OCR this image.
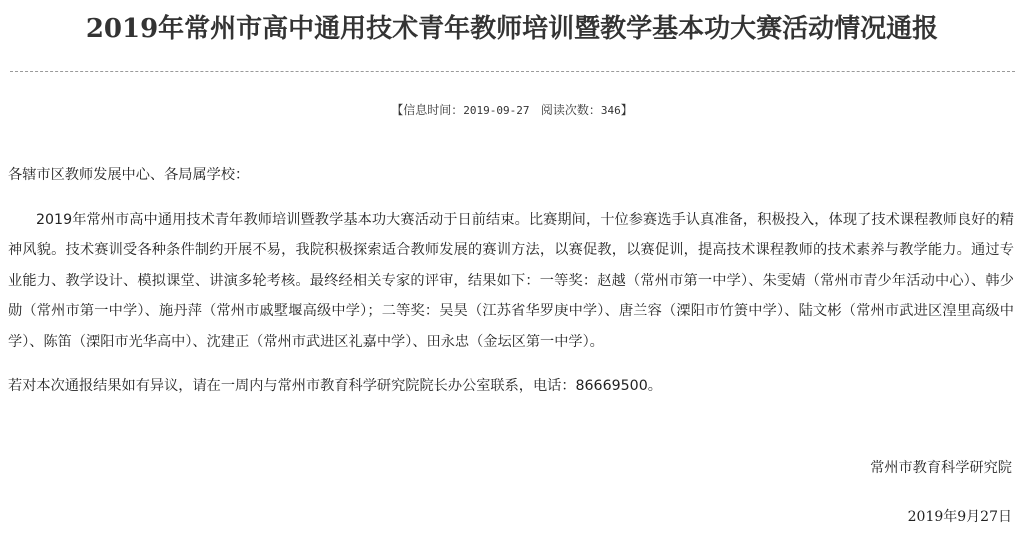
2019年常州市高中通用技术青年教师培训暨教学基本功大赛活动情况通报
【信息时间：2019-09-27 阅读次数：346】

各辖市区教师发展中心、各局属学校：

2019年常州市高中通用技术青年教师培训暨教学基本功大赛活动于日前结束。比赛期间，十位参赛选手认真准备，积极投入，体现了技术课程教师良好的精神风貌。技术赛训受各种条件制约开展不易，我院积极探索适合教师发展的赛训方法，以赛促教，以赛促训，提高技术课程教师的技术素养与教学能力。通过专业能力、教学设计、模拟课堂、讲演多轮考核。最终经相关专家的评审，结果如下：一等奖：赵越（常州市第一中学）、朱雯婧（常州市青少年活动中心）、韩少勋（常州市第一中学）、施丹萍（常州市戚墅堰高级中学）；二等奖：吴昊（江苏省华罗庚中学）、唐兰容（溧阳市竹箦中学）、陆文彬（常州市武进区湟里高级中学）、陈笛（溧阳市光华高中）、沈建正（常州市武进区礼嘉中学）、田永忠（金坛区第一中学）。

若对本次通报结果如有异议，请在一周内与常州市教育科学研究院院长办公室联系，电话：86669500。

常州市教育科学研究院
2019年9月27日
